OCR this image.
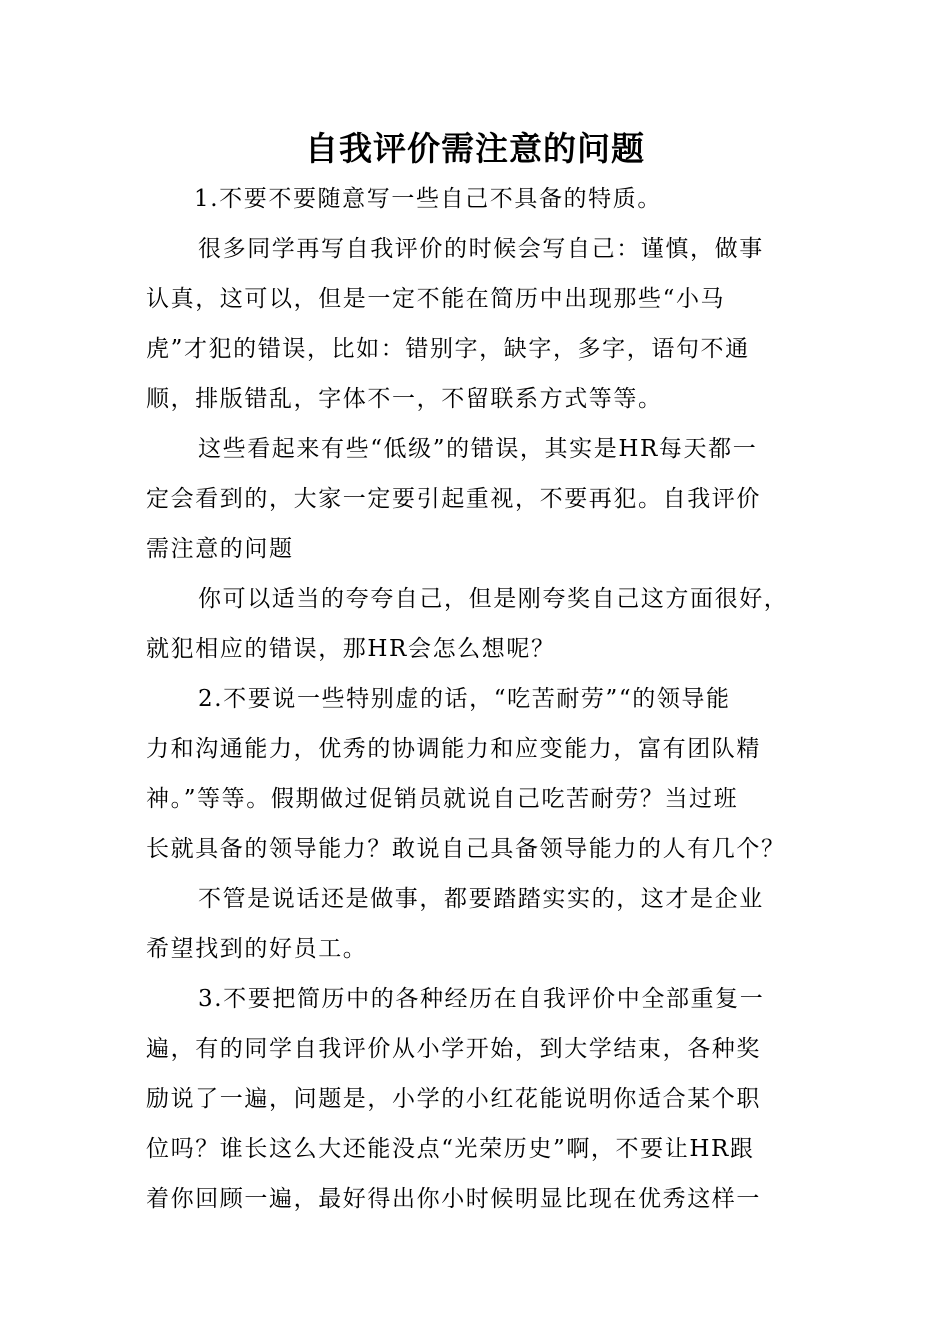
自我评价需注意的问题
1.不要不要随意写一些自己不具备的特质。
很多同学再写自我评价的时候会写自己：谨慎，做事
认真，这可以，但是一定不能在简历中出现那些“小马
虎”才犯的错误，比如：错别字，缺字，多字，语句不通
顺，排版错乱，字体不一，不留联系方式等等。
这些看起来有些“低级”的错误，其实是HR每天都一
定会看到的，大家一定要引起重视，不要再犯。自我评价
需注意的问题
你可以适当的夸夸自己，但是刚夸奖自己这方面很好，
就犯相应的错误，那HR会怎么想呢？
2.不要说一些特别虚的话，“吃苦耐劳”“的领导能
力和沟通能力，优秀的协调能力和应变能力，富有团队精
神。”等等。假期做过促销员就说自己吃苦耐劳？当过班
长就具备的领导能力？敢说自己具备领导能力的人有几个？
不管是说话还是做事，都要踏踏实实的，这才是企业
希望找到的好员工。
3.不要把简历中的各种经历在自我评价中全部重复一
遍，有的同学自我评价从小学开始，到大学结束，各种奖
励说了一遍，问题是，小学的小红花能说明你适合某个职
位吗？谁长这么大还能没点“光荣历史”啊，不要让HR跟
着你回顾一遍，最好得出你小时候明显比现在优秀这样一
